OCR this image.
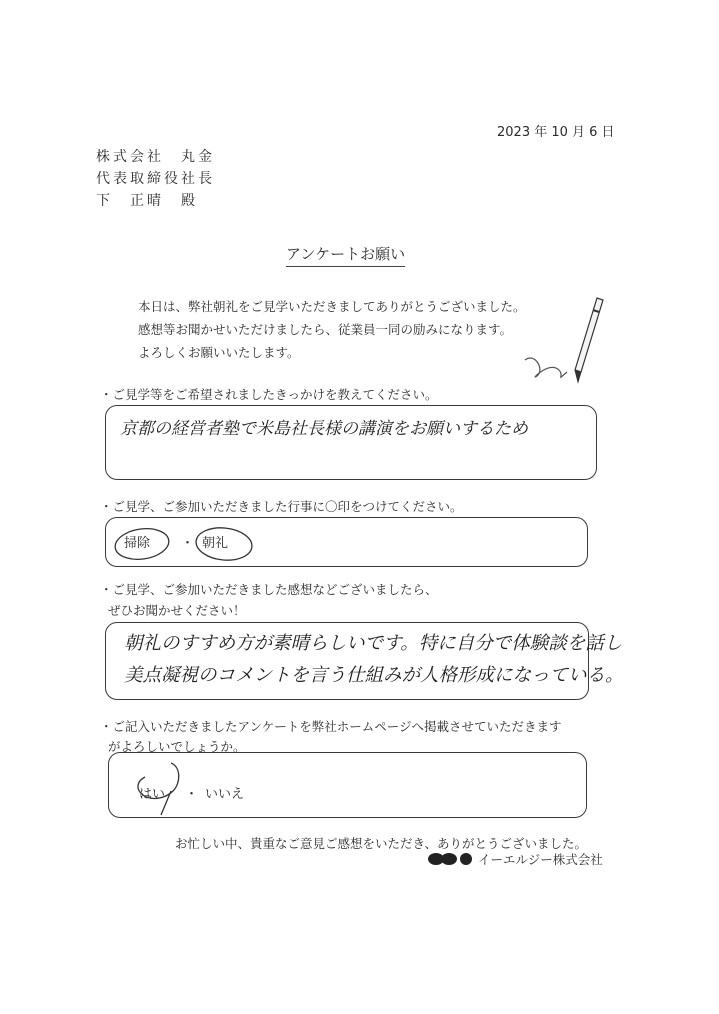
2023 年 10 月 6 日
株式会社　丸金
代表取締役社長
下　正晴　殿
アンケートお願い
本日は、弊社朝礼をご見学いただきましてありがとうございました。
感想等お聞かせいただけましたら、従業員一同の励みになります。
よろしくお願いいたします。
・ご見学等をご希望されましたきっかけを教えてください。
京都の経営者塾で米島社長様の講演をお願いするため
・ご見学、ご参加いただきました行事に〇印をつけてください。
掃除 ・ 朝礼
・ご見学、ご参加いただきました感想などございましたら、
ぜひお聞かせください！
朝礼のすすめ方が素晴らしいです。特に自分で体験談を話し
美点凝視のコメントを言う仕組みが人格形成になっている。
・ご記入いただきましたアンケートを弊社ホームページへ掲載させていただきます
がよろしいでしょうか。
はい ・ いいえ
お忙しい中、貴重なご意見ご感想をいただき、ありがとうございました。
イーエルジー株式会社
